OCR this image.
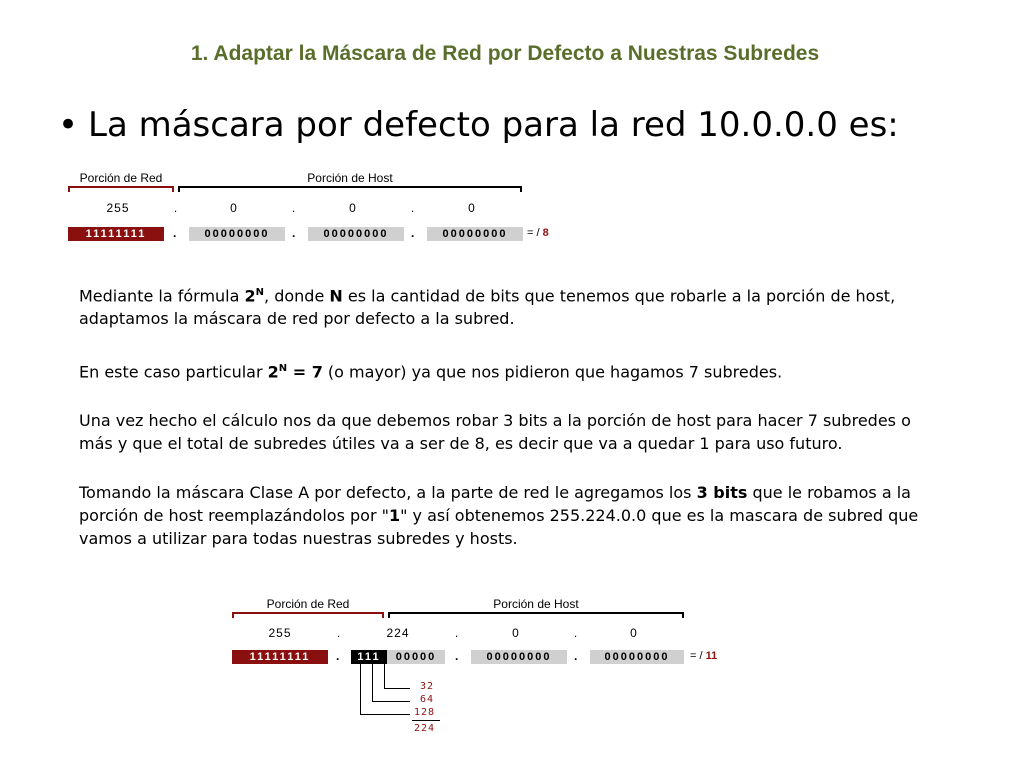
1. Adaptar la Máscara de Red por Defecto a Nuestras Subredes
• La máscara por defecto para la red 10.0.0.0 es:
Porción de Red	Porción de Host
255	.	0	.	0	.	0
11111111	.	00000000	.	00000000	.	00000000	= / 8
Mediante la fórmula $2^N$, donde N es la cantidad de bits que tenemos que robarle a la porción de host, adaptamos la máscara de red por defecto a la subred.
En este caso particular $2^N = 7$ (o mayor) ya que nos pidieron que hagamos 7 subredes.
Una vez hecho el cálculo nos da que debemos robar 3 bits a la porción de host para hacer 7 subredes o más y que el total de subredes útiles va a ser de 8, es decir que va a quedar 1 para uso futuro.
Tomando la máscara Clase A por defecto, a la parte de red le agregamos los 3 bits que le robamos a la porción de host reemplazándolos por "1" y así obtenemos 255.224.0.0 que es la mascara de subred que vamos a utilizar para todas nuestras subredes y hosts.
Porción de Red	Porción de Host
255	.	224	.	0	.	0
11111111	.	111	00000	.	00000000	.	00000000	= / 11
32
64
128
224
